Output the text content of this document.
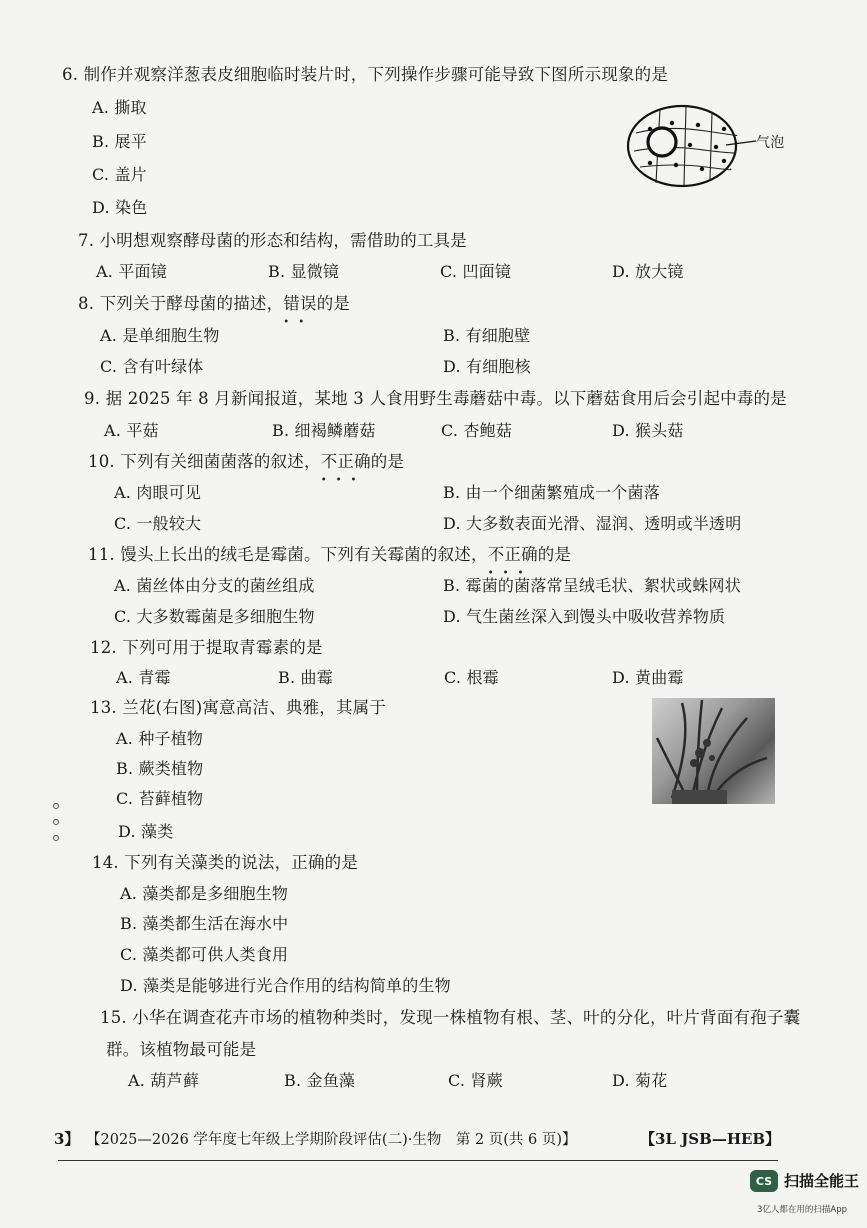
6. 制作并观察洋葱表皮细胞临时装片时，下列操作步骤可能导致下图所示现象的是
A. 撕取
B. 展平
C. 盖片
D. 染色
气泡
7. 小明想观察酵母菌的形态和结构，需借助的工具是
A. 平面镜	B. 显微镜	C. 凹面镜	D. 放大镜
8. 下列关于酵母菌的描述，错误
••
的是
A. 是单细胞生物	B. 有细胞壁
C. 含有叶绿体	D. 有细胞核
9. 据 2025 年 8 月新闻报道，某地 3 人食用野生毒蘑菇中毒。以下蘑菇食用后会引起中毒的是
A. 平菇	B. 细褐鳞蘑菇	C. 杏鲍菇	D. 猴头菇
10. 下列有关细菌菌落的叙述，不正确
•••
的是
A. 肉眼可见	B. 由一个细菌繁殖成一个菌落
C. 一般较大	D. 大多数表面光滑、湿润、透明或半透明
11. 馒头上长出的绒毛是霉菌。下列有关霉菌的叙述，不正确
•••
的是
A. 菌丝体由分支的菌丝组成	B. 霉菌的菌落常呈绒毛状、絮状或蛛网状
C. 大多数霉菌是多细胞生物	D. 气生菌丝深入到馒头中吸收营养物质
12. 下列可用于提取青霉素的是
A. 青霉	B. 曲霉	C. 根霉	D. 黄曲霉
13. 兰花(右图)寓意高洁、典雅，其属于
A. 种子植物
B. 蕨类植物
C. 苔藓植物
D. 藻类
14. 下列有关藻类的说法，正确的是
A. 藻类都是多细胞生物
B. 藻类都生活在海水中
C. 藻类都可供人类食用
D. 藻类是能够进行光合作用的结构简单的生物
15. 小华在调查花卉市场的植物种类时，发现一株植物有根、茎、叶的分化，叶片背面有孢子囊
群。该植物最可能是
A. 葫芦藓	B. 金鱼藻	C. 肾蕨	D. 菊花
3】 【2025—2026 学年度七年级上学期阶段评估(二)·生物　第 2 页(共 6 页)】	【3L JSB—HEB】
CS 扫描全能王
3亿人都在用的扫描App
